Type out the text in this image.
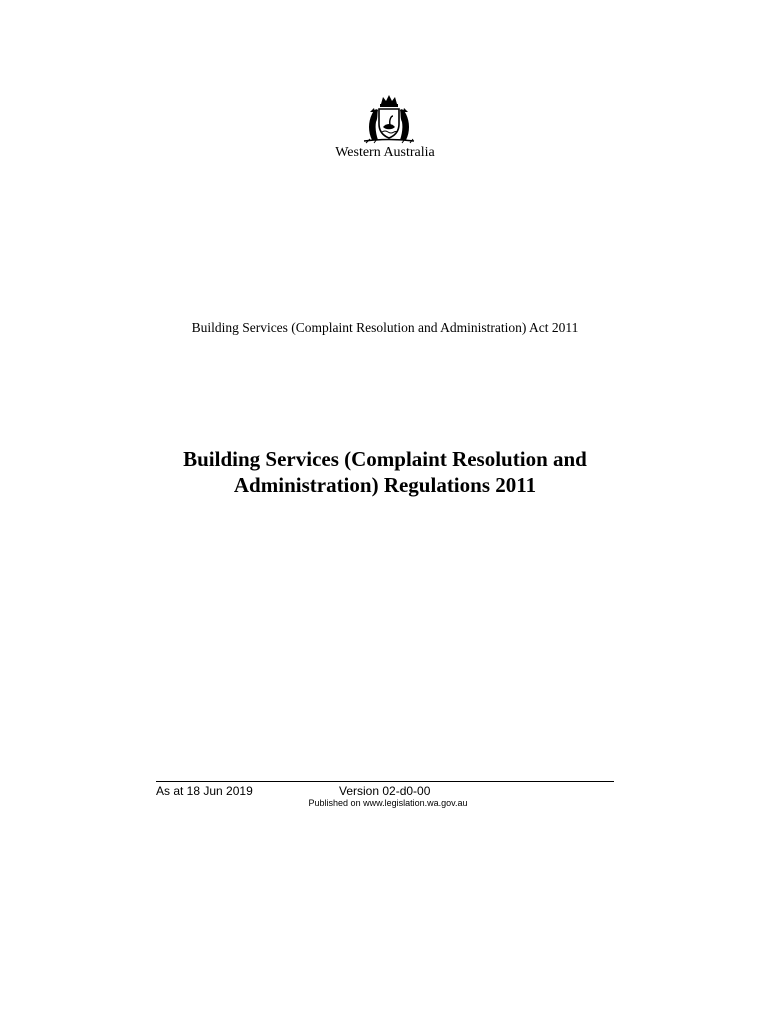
Western Australia
Building Services (Complaint Resolution and Administration) Act 2011
Building Services (Complaint Resolution and
Administration) Regulations 2011
As at 18 Jun 2019	Version 02-d0-00
Published on www.legislation.wa.gov.au
